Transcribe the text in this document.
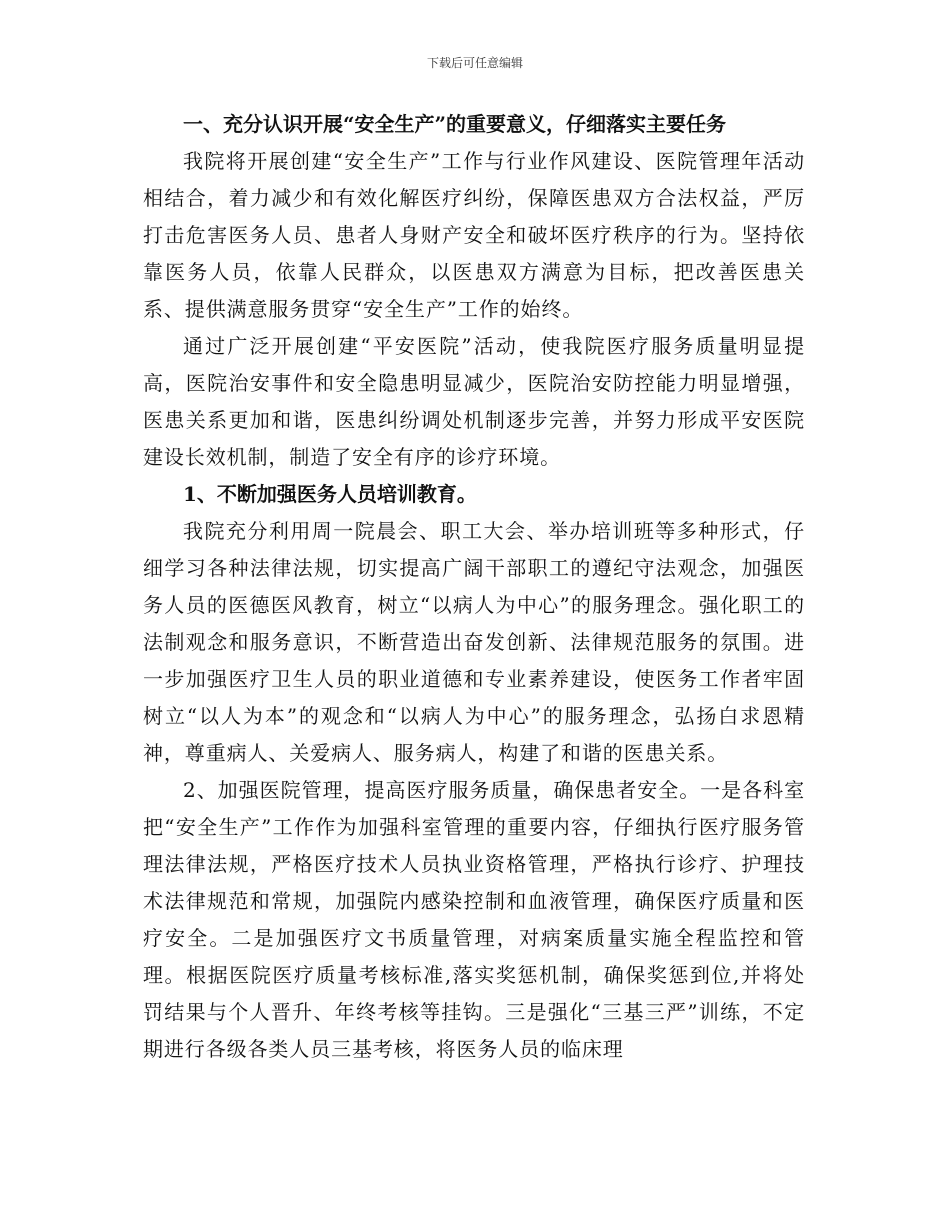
下载后可任意编辑

一、充分认识开展“安全生产”的重要意义，仔细落实主要任务

我院将开展创建“安全生产”工作与行业作风建设、医院管理年活动相结合，着力减少和有效化解医疗纠纷，保障医患双方合法权益，严厉打击危害医务人员、患者人身财产安全和破坏医疗秩序的行为。坚持依靠医务人员，依靠人民群众，以医患双方满意为目标，把改善医患关系、提供满意服务贯穿“安全生产”工作的始终。

通过广泛开展创建“平安医院”活动，使我院医疗服务质量明显提高，医院治安事件和安全隐患明显减少，医院治安防控能力明显增强，医患关系更加和谐，医患纠纷调处机制逐步完善，并努力形成平安医院建设长效机制，制造了安全有序的诊疗环境。

1、不断加强医务人员培训教育。

我院充分利用周一院晨会、职工大会、举办培训班等多种形式，仔细学习各种法律法规，切实提高广阔干部职工的遵纪守法观念，加强医务人员的医德医风教育，树立“以病人为中心”的服务理念。强化职工的法制观念和服务意识，不断营造出奋发创新、法律规范服务的氛围。进一步加强医疗卫生人员的职业道德和专业素养建设，使医务工作者牢固树立“以人为本”的观念和“以病人为中心”的服务理念，弘扬白求恩精神，尊重病人、关爱病人、服务病人，构建了和谐的医患关系。

2、加强医院管理，提高医疗服务质量，确保患者安全。一是各科室把“安全生产”工作作为加强科室管理的重要内容，仔细执行医疗服务管理法律法规，严格医疗技术人员执业资格管理，严格执行诊疗、护理技术法律规范和常规，加强院内感染控制和血液管理，确保医疗质量和医疗安全。二是加强医疗文书质量管理，对病案质量实施全程监控和管理。根据医院医疗质量考核标准,落实奖惩机制，确保奖惩到位,并将处罚结果与个人晋升、年终考核等挂钩。三是强化“三基三严”训练，不定期进行各级各类人员三基考核，将医务人员的临床理
